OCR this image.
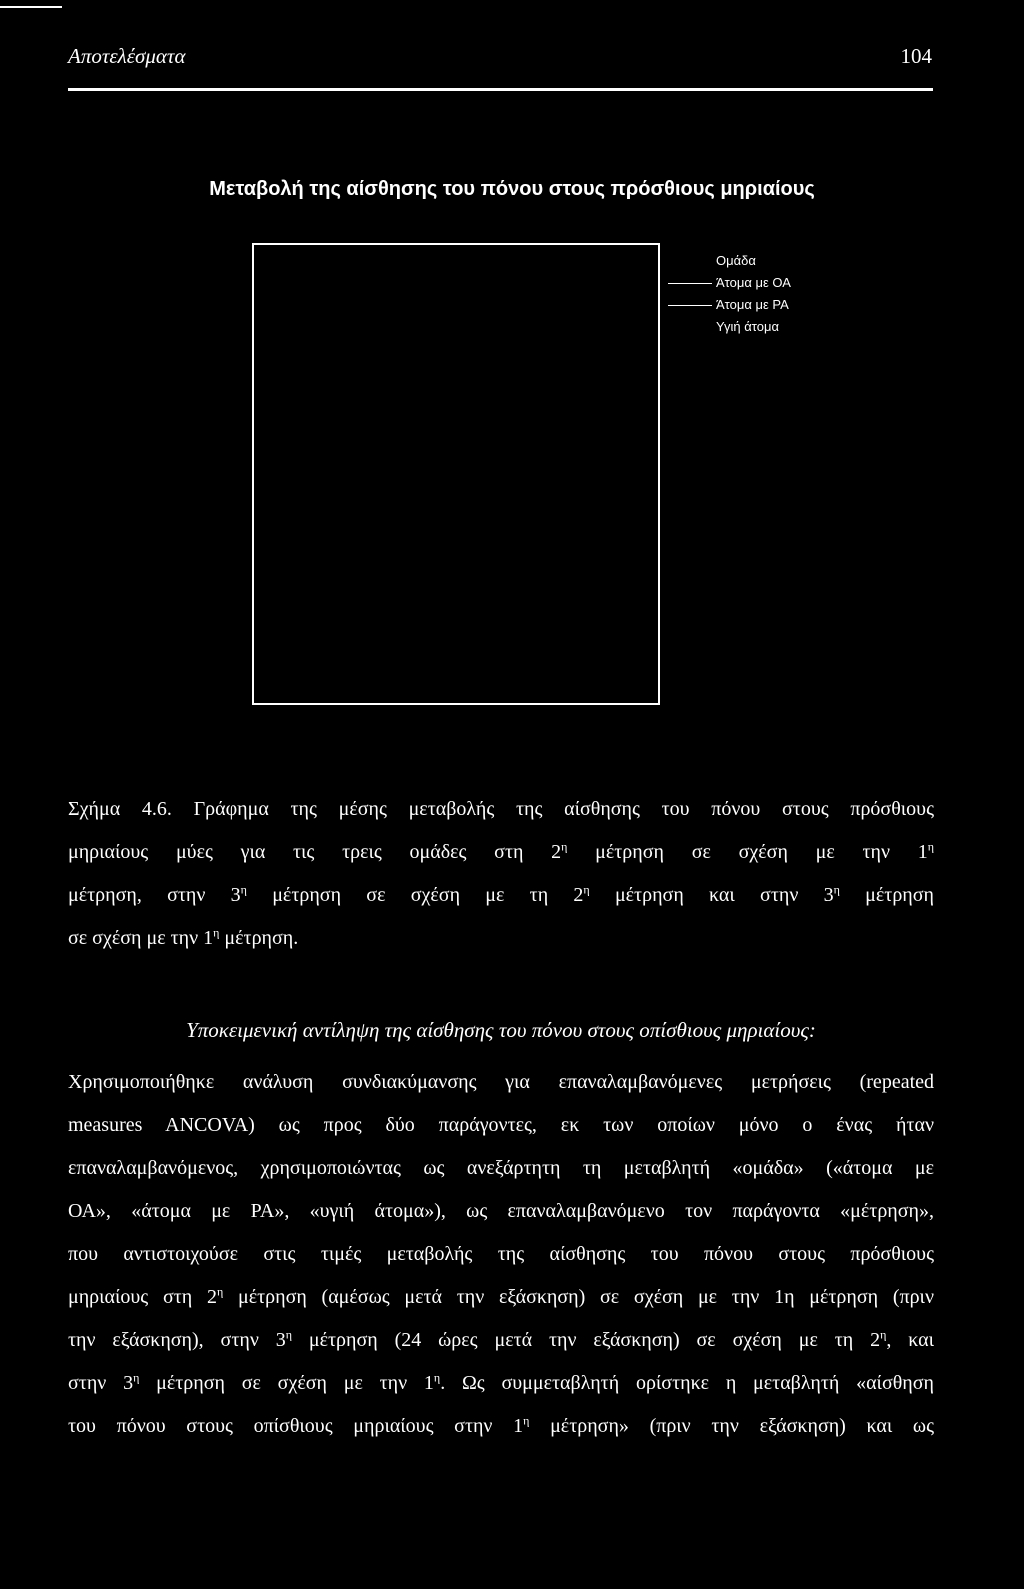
Αποτελέσματα	104
Μεταβολή της αίσθησης του πόνου στους πρόσθιους μηριαίους
Ομάδα
Άτομα με ΟΑ
Άτομα με ΡΑ
Υγιή άτομα
Σχήμα 4.6. Γράφημα της μέσης μεταβολής της αίσθησης του πόνου στους πρόσθιους
μηριαίους μύες για τις τρεις ομάδες στη $2^\eta$ μέτρηση σε σχέση με την $1^\eta$
μέτρηση, στην $3^\eta$ μέτρηση σε σχέση με τη $2^\eta$ μέτρηση και στην $3^\eta$ μέτρηση
σε σχέση με την $1^\eta$ μέτρηση.
Υποκειμενική αντίληψη της αίσθησης του πόνου στους οπίσθιους μηριαίους:
Χρησιμοποιήθηκε ανάλυση συνδιακύμανσης για επαναλαμβανόμενες μετρήσεις (repeated
measures ANCOVA) ως προς δύο παράγοντες, εκ των οποίων μόνο ο ένας ήταν
επαναλαμβανόμενος, χρησιμοποιώντας ως ανεξάρτητη τη μεταβλητή «ομάδα» («άτομα με
ΟΑ», «άτομα με ΡΑ», «υγιή άτομα»), ως επαναλαμβανόμενο τον παράγοντα «μέτρηση»,
που αντιστοιχούσε στις τιμές μεταβολής της αίσθησης του πόνου στους πρόσθιους
μηριαίους στη $2^\eta$ μέτρηση (αμέσως μετά την εξάσκηση) σε σχέση με την 1η μέτρηση (πριν
την εξάσκηση), στην $3^\eta$ μέτρηση (24 ώρες μετά την εξάσκηση) σε σχέση με τη $2^\eta$, και
στην $3^\eta$ μέτρηση σε σχέση με την $1^\eta$. Ως συμμεταβλητή ορίστηκε η μεταβλητή «αίσθηση
του πόνου στους οπίσθιους μηριαίους στην $1^\eta$ μέτρηση» (πριν την εξάσκηση) και ως
